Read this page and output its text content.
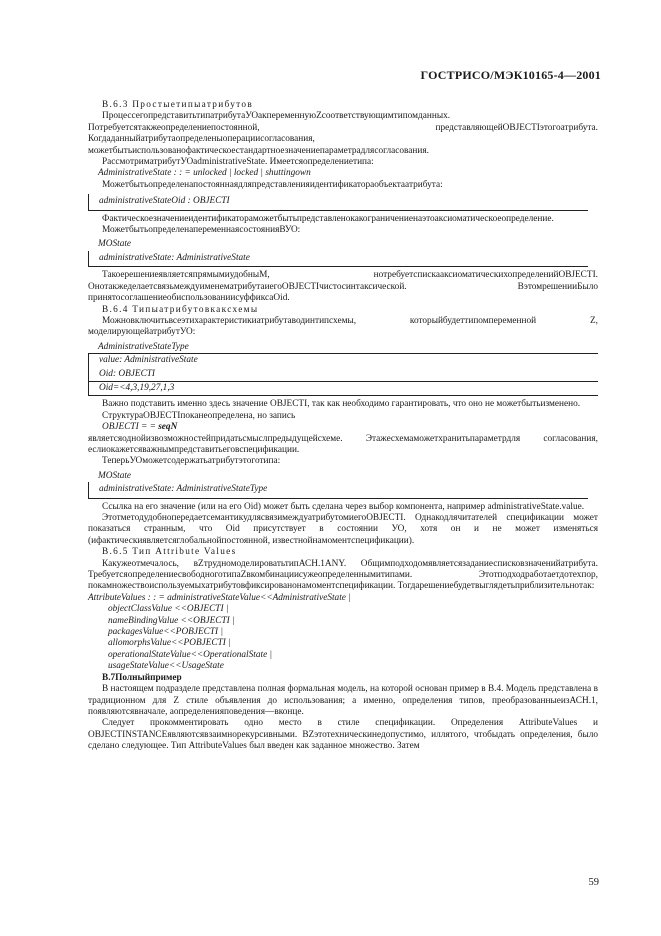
ГОСТРИСО/МЭК10165-4—2001

В.6.3 Простыетипыатрибутов

ПроцессегопредставитьтипатрибутаУОакпеременнуюZсоответствующимтипомданных. Потребуетсятакжеопределениепостоянной, представляющейOBJECTIэтогоатрибута. Когдаданныйатрибутаопределеныоперациисогласования, можетбытьиспользованофактическоестандартноезначениепараметрадлясогласования.

РассмотриматрибутУОadministrativeState. Имеетсяопределениетипа:

AdministrativeState : : = unlocked | locked | shuttingown

Можетбытьопределенапостояннаядляпредставленияидентификатораобъектаатрибута:

administrativeStateOid : OBJECTI

Фактическоезначениеидентификатораможетбытьпредставленокакограничениенаэтоаксиоматическоеопределение.

МожетбытьопределенапеременнаясостоянияВУО:

MOState
administrativeState: AdministrativeState

ТакоерешениеявляетсяпрямымиудобныМ, нотребуетспискааксиоматическихопределенийOBJECTI. ОнотакжеделаетсвязьмеждуименематрибутаиегоOBJECTIчистосинтаксической. ВэтомрешенииБыло принятосоглашениеобиспользованиисуффиксаOid.

В.6.4 Типыатрибутовкаксхемы

Можновключитьвсеэтихарактеристикиатрибутаводинтипсхемы, которыйбудеттипомпеременной Z, моделирующейатрибутУО:

AdministrativeStateType
value: AdministrativeState
Oid: OBJECTI
Oid=<4,3,19,27,1,3

Важно подставить именно здесь значение OBJECTI, так как необходимо гарантировать, что оно не можетбытьизменено.

СтруктураOBJECTIпоканеопределена, но запись

OBJECTI = = seqN

являетсяоднойизвозможностейпридатьсмыслпредыдущейсхеме. Этажесхемаможетхранитьпараметрдля согласования, еслиокажетсяважнымпредставитьеговспецификации.

ТеперьУОможетсодержатьатрибутэтоготипа:

MOState
administrativeState: AdministrativeStateType

Ссылка на его значение (или на его Oid) может быть сделана через выбор компонента, например administrativeState.value.

ЭтотметодудобнопередаетсемантикудлясвязимеждуатрибутомиегоOBJECTI. Однакодлячитателей спецификации может показаться странным, что Oid присутствует в состоянии УО, хотя он и не может изменяться (ифактическиявляетсяглобальнойпостоянной, известнойнамоментспецификации).

В.6.5 Тип Attribute Values

Какужеотмечалось, вZтрудномоделироватьтипАСН.1ANY. Общимподходомявляетсязаданиесписковзначенийатрибута. ТребуетсяопределениесвободноготипаZвкомбинациисужеопределеннымитипами. Этотподходработаетдотехпор, покамножествоиспользуемыхатрибутовфиксированонамоментспецификации. Тогдарешениебудетвыглядетьприблизительнотак:

AttributeValues : : = administrativeStateValue<<AdministrativeState |
objectClassValue <<OBJECTI |
nameBindingValue <<OBJECTI |
packagesValue<<POBJECTI |
allomorphsValue<<POBJECTI |
operationalStateValue<<OperationalState |
usageStateValue<<UsageState

В.7Полныйпример

В настоящем подразделе представлена полная формальная модель, на которой основан пример в В.4. Модель представлена в традиционном для Z стиле объявления до использования; а именно, определения типов, преобразованныеизАСН.1, появляютсявначале, аопределенияповедения—вконце.

Следует прокомментировать одно место в стиле спецификации. Определения AttributeValues и OBJECTINSTANCEявляютсявзаимнорекурсивными. BZэтотехническинедопустимо, иллятого, чтобыдать определения, было сделано следующее. Тип AttributeValues был введен как заданное множество. Затем

59
